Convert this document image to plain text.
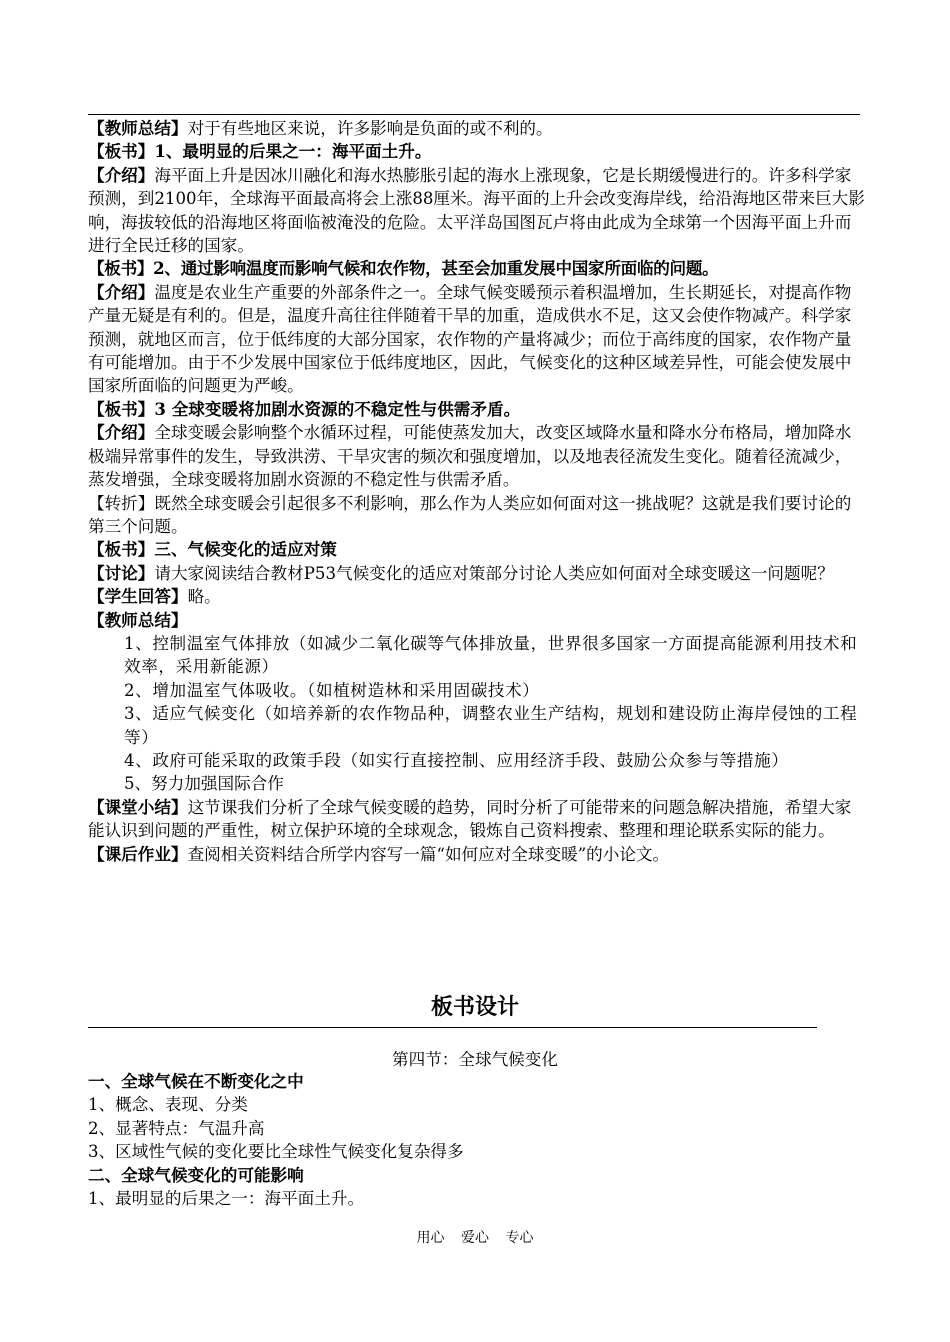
【教师总结】对于有些地区来说，许多影响是负面的或不利的。

【板书】1、最明显的后果之一：海平面土升。

【介绍】海平面上升是因冰川融化和海水热膨胀引起的海水上涨现象，它是长期缓慢进行的。许多科学家预测，到2100年，全球海平面最高将会上涨88厘米。海平面的上升会改变海岸线，给沿海地区带来巨大影响，海拔较低的沿海地区将面临被淹没的危险。太平洋岛国图瓦卢将由此成为全球第一个因海平面上升而进行全民迁移的国家。

【板书】2、通过影响温度而影响气候和农作物，甚至会加重发展中国家所面临的问题。

【介绍】温度是农业生产重要的外部条件之一。全球气候变暖预示着积温增加，生长期延长，对提高作物产量无疑是有利的。但是，温度升高往往伴随着干旱的加重，造成供水不足，这又会使作物减产。科学家预测，就地区而言，位于低纬度的大部分国家，农作物的产量将减少；而位于高纬度的国家，农作物产量有可能增加。由于不少发展中国家位于低纬度地区，因此，气候变化的这种区域差异性，可能会使发展中国家所面临的问题更为严峻。

【板书】3 全球变暖将加剧水资源的不稳定性与供需矛盾。

【介绍】全球变暖会影响整个水循环过程，可能使蒸发加大，改变区域降水量和降水分布格局，增加降水极端异常事件的发生，导致洪涝、干旱灾害的频次和强度增加，以及地表径流发生变化。随着径流减少，蒸发增强，全球变暖将加剧水资源的不稳定性与供需矛盾。

【转折】既然全球变暖会引起很多不利影响，那么作为人类应如何面对这一挑战呢？这就是我们要讨论的第三个问题。

【板书】三、气候变化的适应对策

【讨论】请大家阅读结合教材P53气候变化的适应对策部分讨论人类应如何面对全球变暖这一问题呢？

【学生回答】略。

【教师总结】

1、控制温室气体排放（如减少二氧化碳等气体排放量，世界很多国家一方面提高能源利用技术和效率，采用新能源）

2、增加温室气体吸收。（如植树造林和采用固碳技术）

3、适应气候变化（如培养新的农作物品种，调整农业生产结构，规划和建设防止海岸侵蚀的工程等）

4、政府可能采取的政策手段（如实行直接控制、应用经济手段、鼓励公众参与等措施）

5、努力加强国际合作

【课堂小结】这节课我们分析了全球气候变暖的趋势，同时分析了可能带来的问题急解决措施，希望大家能认识到问题的严重性，树立保护环境的全球观念，锻炼自己资料搜索、整理和理论联系实际的能力。

【课后作业】查阅相关资料结合所学内容写一篇“如何应对全球变暖”的小论文。

板书设计
第四节：全球气候变化

一、全球气候在不断变化之中

1、概念、表现、分类

2、显著特点：气温升高

3、区域性气候的变化要比全球性气候变化复杂得多

二、全球气候变化的可能影响

1、最明显的后果之一：海平面土升。

用心 爱心 专心
